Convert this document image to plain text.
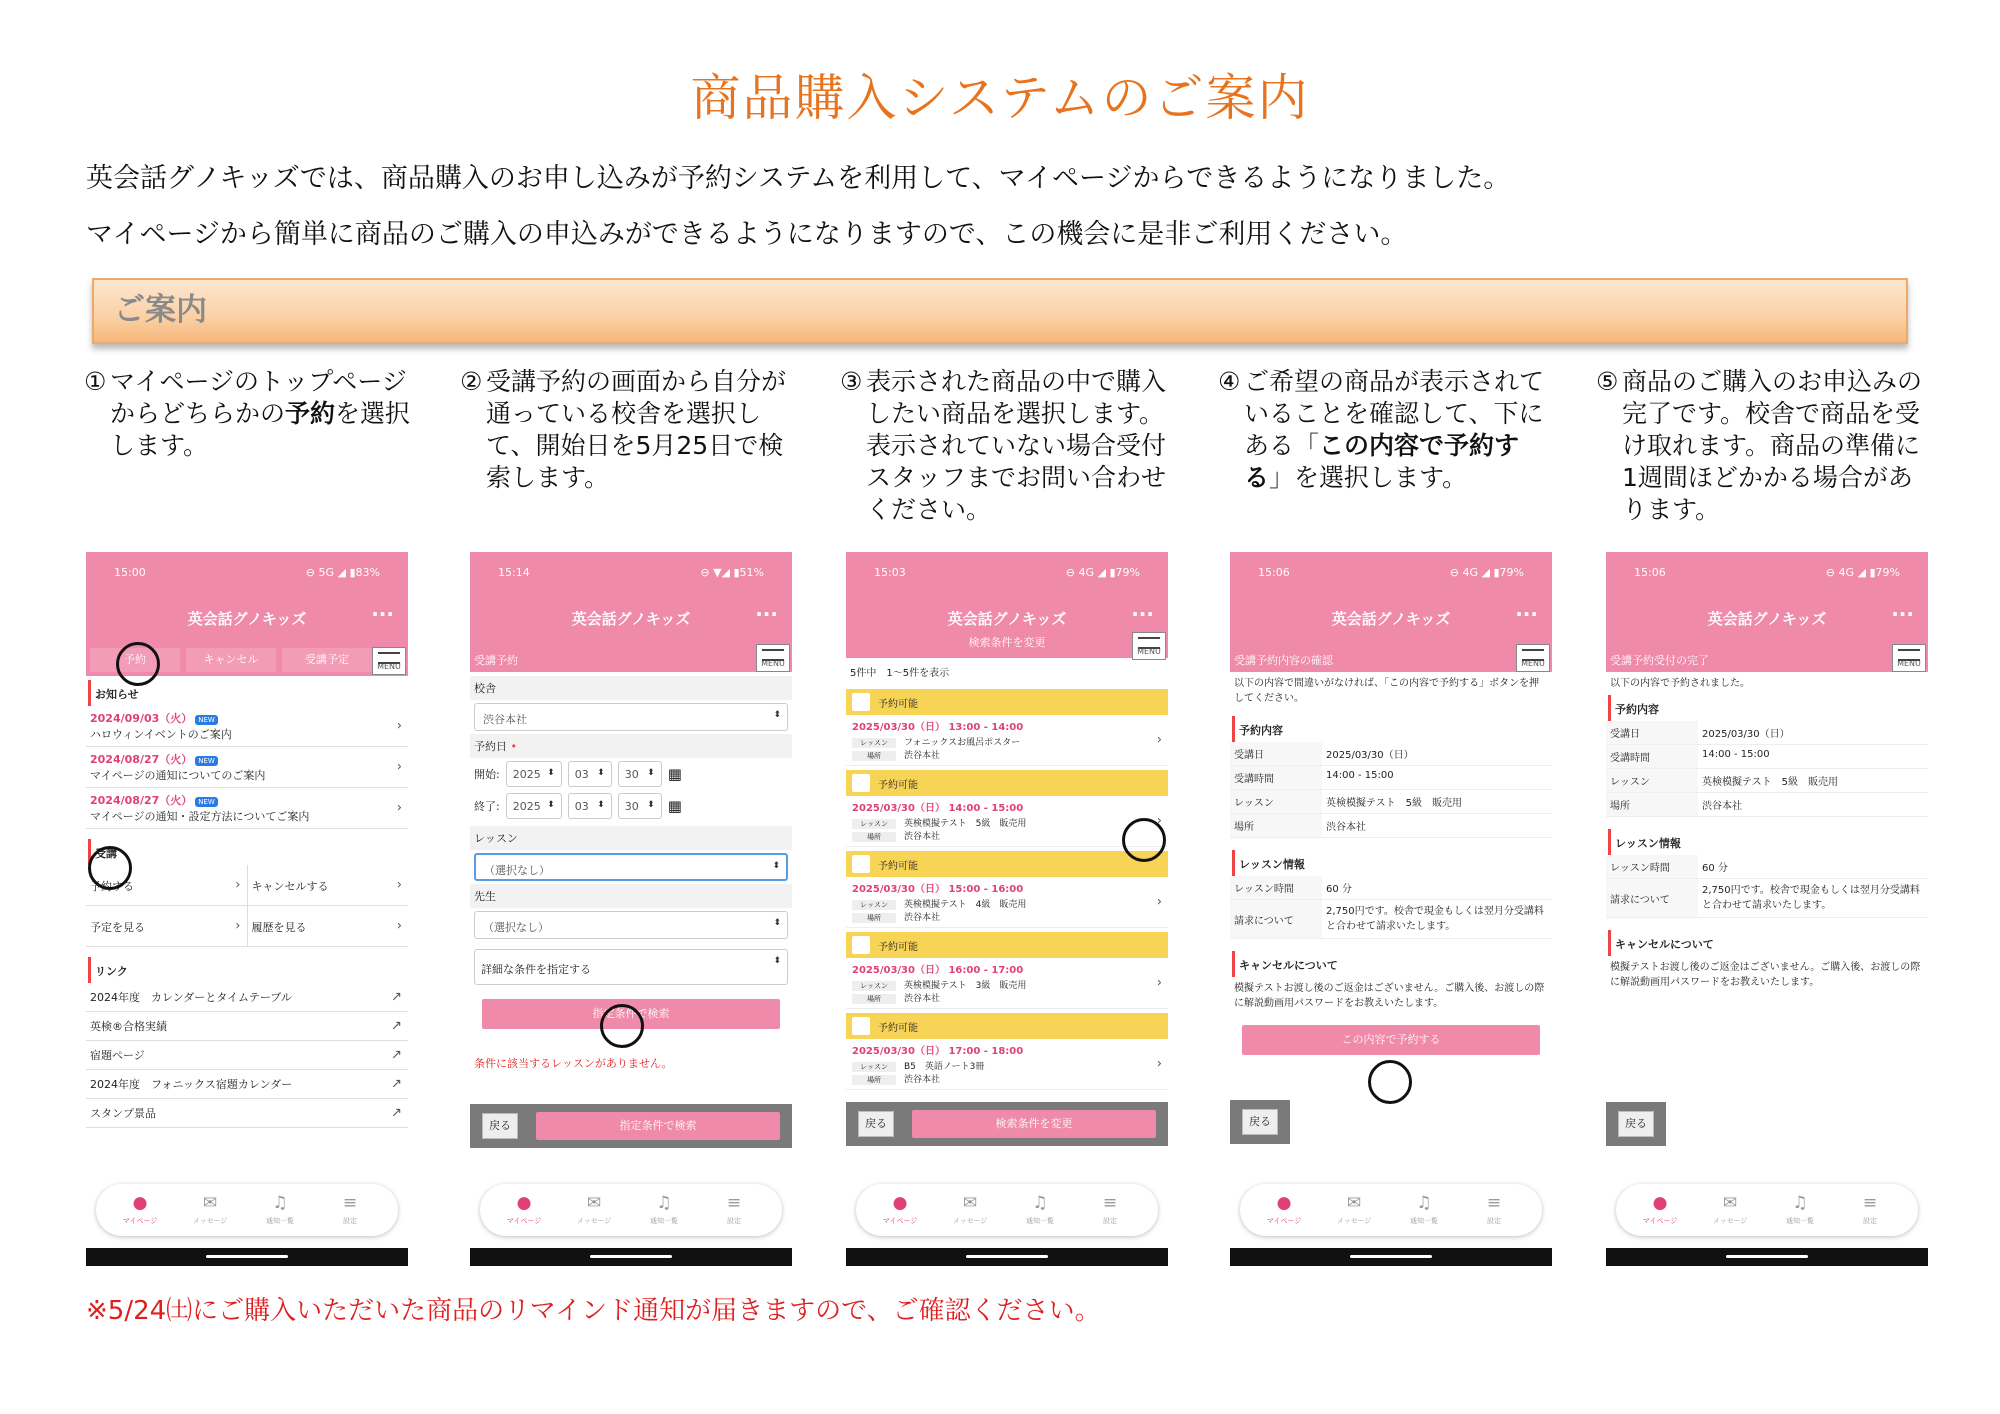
商品購入システムのご案内
英会話グノキッズでは、商品購入のお申し込みが予約システムを利用して、マイページからできるようになりました。
マイページから簡単に商品のご購入の申込みができるようになりますので、この機会に是非ご利用ください。
ご案内
① マイページのトップページからどちらかの予約を選択します。
② 受講予約の画面から自分が通っている校舎を選択して、開始日を5月25日で検索します。
③ 表示された商品の中で購入したい商品を選択します。表示されていない場合受付スタッフまでお問い合わせください。
④ ご希望の商品が表示されていることを確認して、下にある「この内容で予約する」を選択します。
⑤ 商品のご購入のお申込みの完了です。校舎で商品を受け取れます。商品の準備に1週間ほどかかる場合があります。
15:00	⊖ 5G ◢ ▮83%
英会話グノキッズ	···
予約	キャンセル	受講予定
MENU
お知らせ
2024/09/03（火） NEW
ハロウィンイベントのご案内
›
2024/08/27（火） NEW
マイページの通知についてのご案内
›
2024/08/27（火） NEW
マイページの通知・設定方法についてご案内
›
受講
予約する	›	キャンセルする	›
予定を見る	›	履歴を見る	›
リンク
2024年度　カレンダーとタイムテーブル	↗
英検®合格実績	↗
宿題ページ	↗
2024年度　フォニックス宿題カレンダー	↗
スタンプ景品	↗
●
マイページ
✉
メッセージ
♫
通知一覧
≡
設定
15:14	⊖ ▼◢ ▮51%
英会話グノキッズ	···
受講予約	MENU
校舎
渋谷本社 ⬍
予約日 •
開始:	2025 ⬍	03 ⬍	30 ⬍	▦
終了:	2025 ⬍	03 ⬍	30 ⬍	▦
レッスン
（選択なし） ⬍
先生
（選択なし） ⬍
詳細な条件を指定する ⬍
指定条件で検索
条件に該当するレッスンがありません。
戻る	指定条件で検索
●
マイページ
✉
メッセージ
♫
通知一覧
≡
設定
15:03	⊖ 4G ◢ ▮79%
英会話グノキッズ	···
検索条件を変更
MENU
5件中　1〜5件を表示
予約可能
2025/03/30（日） 13:00 - 14:00
レッスン フォニックスお風呂ポスター
場所	渋谷本社
›
予約可能
2025/03/30（日） 14:00 - 15:00
レッスン 英検模擬テスト　5級　販売用
場所	渋谷本社
›
予約可能
2025/03/30（日） 15:00 - 16:00
レッスン 英検模擬テスト　4級　販売用
場所	渋谷本社
›
予約可能
2025/03/30（日） 16:00 - 17:00
レッスン 英検模擬テスト　3級　販売用
場所	渋谷本社
›
予約可能
2025/03/30（日） 17:00 - 18:00
レッスン B5　英語ノート3冊
場所	渋谷本社
›
戻る	検索条件を変更
●
マイページ
✉
メッセージ
♫
通知一覧
≡
設定
15:06	⊖ 4G ◢ ▮79%
英会話グノキッズ	···
受講予約内容の確認	MENU
以下の内容で間違いがなければ、「この内容で予約する」ボタンを押してください。
予約内容
受講日	2025/03/30（日）
受講時間	14:00 - 15:00
レッスン	英検模擬テスト　5級　販売用
場所	渋谷本社
レッスン情報
レッスン時間	60 分
請求について
2,750円です。校舎で現金もしくは翌月分受講料と合わせて請求いたします。
キャンセルについて
模擬テストお渡し後のご返金はございません。ご購入後、お渡しの際に解説動画用パスワードをお教えいたします。
この内容で予約する
戻る
●
マイページ
✉
メッセージ
♫
通知一覧
≡
設定
15:06	⊖ 4G ◢ ▮79%
英会話グノキッズ	···
受講予約受付の完了	MENU
以下の内容で予約されました。
予約内容
受講日	2025/03/30（日）
受講時間	14:00 - 15:00
レッスン	英検模擬テスト　5級　販売用
場所	渋谷本社
レッスン情報
レッスン時間	60 分
請求について
2,750円です。校舎で現金もしくは翌月分受講料と合わせて請求いたします。
キャンセルについて
模擬テストお渡し後のご返金はございません。ご購入後、お渡しの際に解説動画用パスワードをお教えいたします。
戻る
●
マイページ
✉
メッセージ
♫
通知一覧
≡
設定
※5/24㈯にご購入いただいた商品のリマインド通知が届きますので、ご確認ください。
